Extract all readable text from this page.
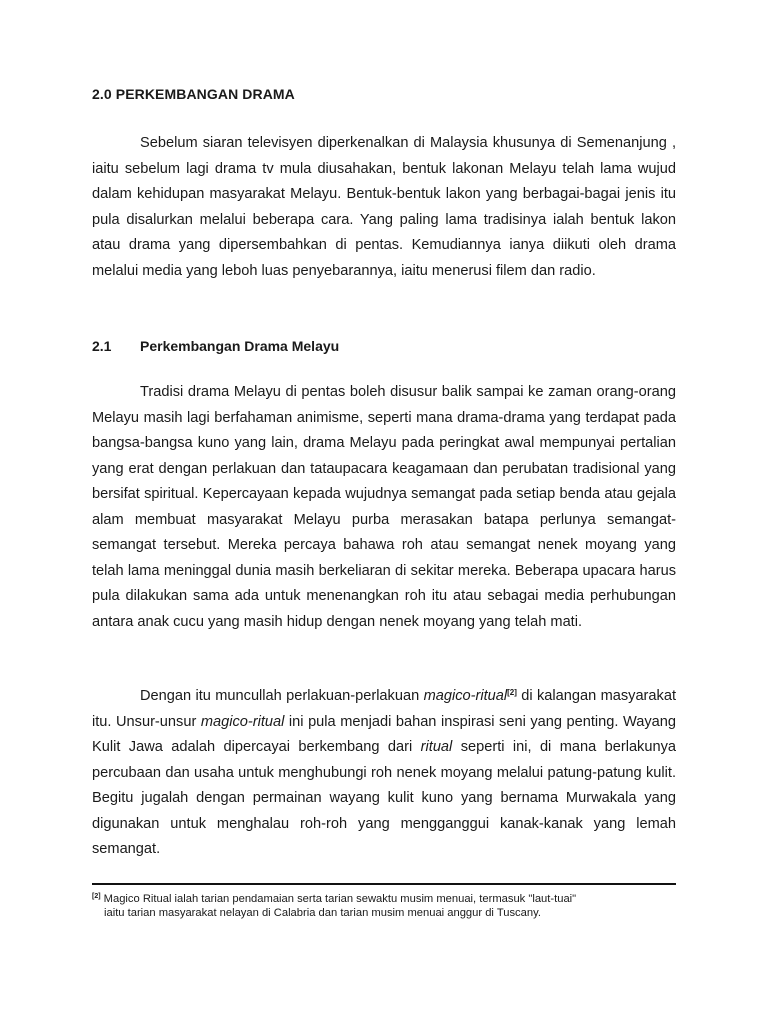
2.0 PERKEMBANGAN DRAMA

Sebelum siaran televisyen diperkenalkan di Malaysia khusunya di Semenanjung , iaitu sebelum lagi drama tv mula diusahakan, bentuk lakonan Melayu telah lama wujud dalam kehidupan masyarakat Melayu. Bentuk-bentuk lakon yang berbagai-bagai jenis itu pula disalurkan melalui beberapa cara. Yang paling lama tradisinya ialah bentuk lakon atau drama yang dipersembahkan di pentas. Kemudiannya ianya diikuti oleh drama melalui media yang leboh luas penyebarannya, iaitu menerusi filem dan radio.

2.1 Perkembangan Drama Melayu

Tradisi drama Melayu di pentas boleh disusur balik sampai ke zaman orang-orang Melayu masih lagi berfahaman animisme, seperti mana drama-drama yang terdapat pada bangsa-bangsa kuno yang lain, drama Melayu pada peringkat awal mempunyai pertalian yang erat dengan perlakuan dan tataupacara keagamaan dan perubatan tradisional yang bersifat spiritual. Kepercayaan kepada wujudnya semangat pada setiap benda atau gejala alam membuat masyarakat Melayu purba merasakan batapa perlunya semangat-semangat tersebut. Mereka percaya bahawa roh atau semangat nenek moyang yang telah lama meninggal dunia masih berkeliaran di sekitar mereka. Beberapa upacara harus pula dilakukan sama ada untuk menenangkan roh itu atau sebagai media perhubungan antara anak cucu yang masih hidup dengan nenek moyang yang telah mati.

Dengan itu muncullah perlakuan-perlakuan magico-ritual[2] di kalangan masyarakat itu. Unsur-unsur magico-ritual ini pula menjadi bahan inspirasi seni yang penting. Wayang Kulit Jawa adalah dipercayai berkembang dari ritual seperti ini, di mana berlakunya percubaan dan usaha untuk menghubungi roh nenek moyang melalui patung-patung kulit. Begitu jugalah dengan permainan wayang kulit kuno yang bernama Murwakala yang digunakan untuk menghalau roh-roh yang mengganggui kanak-kanak yang lemah semangat.

[2] Magico Ritual ialah tarian pendamaian serta tarian sewaktu musim menuai, termasuk "laut-tuai"
iaitu tarian masyarakat nelayan di Calabria dan tarian musim menuai anggur di Tuscany.
